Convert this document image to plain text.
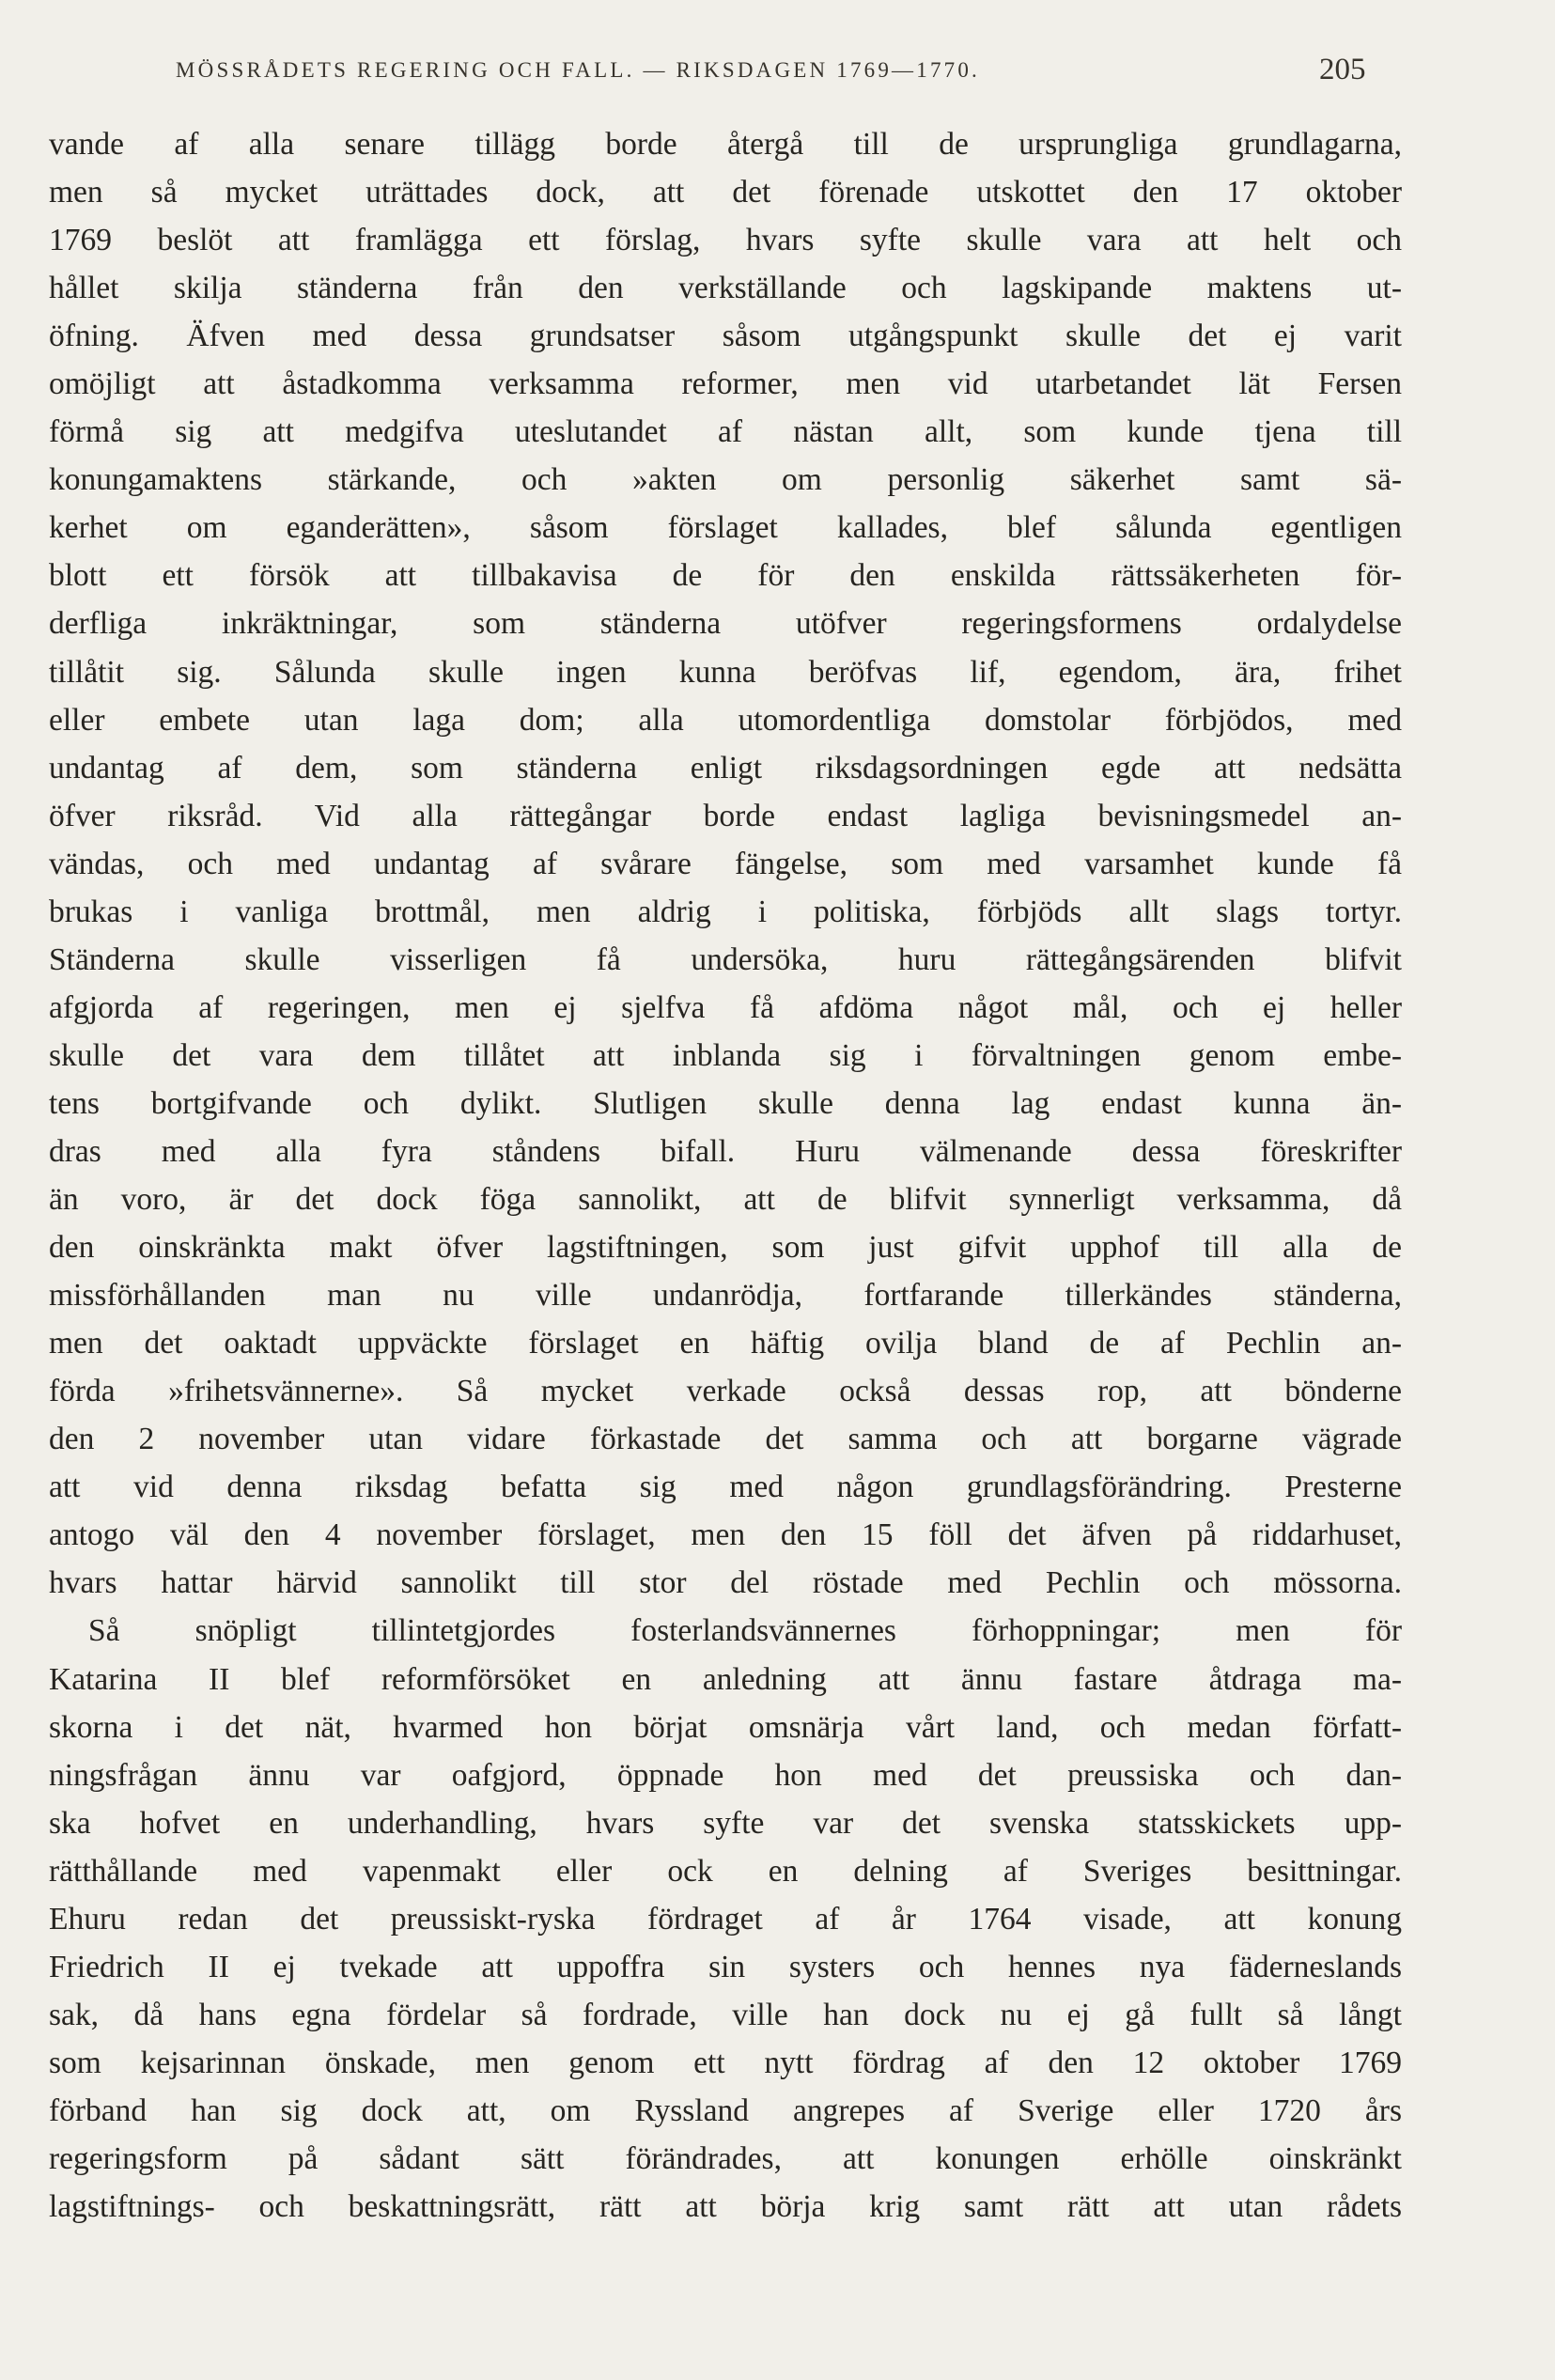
MÖSSRÅDETS REGERING OCH FALL. — RIKSDAGEN 1769—1770.	205
vande af alla senare tillägg borde återgå till de ursprungliga grundlagarna,
men så mycket uträttades dock, att det förenade utskottet den 17 oktober
1769 beslöt att framlägga ett förslag, hvars syfte skulle vara att helt och
hållet skilja ständerna från den verkställande och lagskipande maktens ut-
öfning. Äfven med dessa grundsatser såsom utgångspunkt skulle det ej varit
omöjligt att åstadkomma verksamma reformer, men vid utarbetandet lät Fersen
förmå sig att medgifva uteslutandet af nästan allt, som kunde tjena till
konungamaktens stärkande, och »akten om personlig säkerhet samt sä-
kerhet om eganderätten», såsom förslaget kallades, blef sålunda egentligen
blott ett försök att tillbakavisa de för den enskilda rättssäkerheten för-
derfliga inkräktningar, som ständerna utöfver regeringsformens ordalydelse
tillåtit sig. Sålunda skulle ingen kunna beröfvas lif, egendom, ära, frihet
eller embete utan laga dom; alla utomordentliga domstolar förbjödos, med
undantag af dem, som ständerna enligt riksdagsordningen egde att nedsätta
öfver riksråd. Vid alla rättegångar borde endast lagliga bevisningsmedel an-
vändas, och med undantag af svårare fängelse, som med varsamhet kunde få
brukas i vanliga brottmål, men aldrig i politiska, förbjöds allt slags tortyr.
Ständerna skulle visserligen få undersöka, huru rättegångsärenden blifvit
afgjorda af regeringen, men ej sjelfva få afdöma något mål, och ej heller
skulle det vara dem tillåtet att inblanda sig i förvaltningen genom embe-
tens bortgifvande och dylikt. Slutligen skulle denna lag endast kunna än-
dras med alla fyra ståndens bifall. Huru välmenande dessa föreskrifter
än voro, är det dock föga sannolikt, att de blifvit synnerligt verksamma, då
den oinskränkta makt öfver lagstiftningen, som just gifvit upphof till alla de
missförhållanden man nu ville undanrödja, fortfarande tillerkändes ständerna,
men det oaktadt uppväckte förslaget en häftig ovilja bland de af Pechlin an-
förda »frihetsvännerne». Så mycket verkade också dessas rop, att bönderne
den 2 november utan vidare förkastade det samma och att borgarne vägrade
att vid denna riksdag befatta sig med någon grundlagsförändring. Presterne
antogo väl den 4 november förslaget, men den 15 föll det äfven på riddarhuset,
hvars hattar härvid sannolikt till stor del röstade med Pechlin och mössorna.
Så snöpligt tillintetgjordes fosterlandsvännernes förhoppningar; men för
Katarina II blef reformförsöket en anledning att ännu fastare åtdraga ma-
skorna i det nät, hvarmed hon börjat omsnärja vårt land, och medan författ-
ningsfrågan ännu var oafgjord, öppnade hon med det preussiska och dan-
ska hofvet en underhandling, hvars syfte var det svenska statsskickets upp-
rätthållande med vapenmakt eller ock en delning af Sveriges besittningar.
Ehuru redan det preussiskt-ryska fördraget af år 1764 visade, att konung
Friedrich II ej tvekade att uppoffra sin systers och hennes nya fäderneslands
sak, då hans egna fördelar så fordrade, ville han dock nu ej gå fullt så långt
som kejsarinnan önskade, men genom ett nytt fördrag af den 12 oktober 1769
förband han sig dock att, om Ryssland angrepes af Sverige eller 1720 års
regeringsform på sådant sätt förändrades, att konungen erhölle oinskränkt
lagstiftnings- och beskattningsrätt, rätt att börja krig samt rätt att utan rådets
